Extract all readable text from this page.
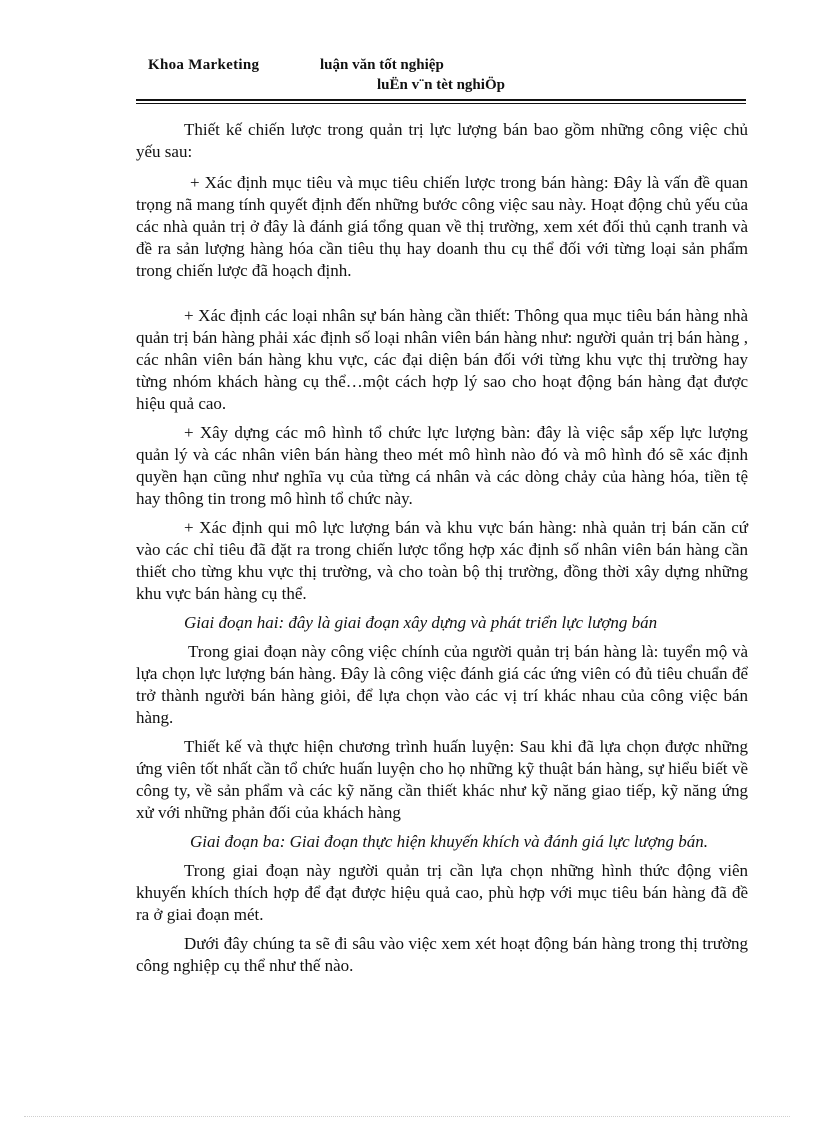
Khoa Marketing	luận văn tốt nghiệp
luËn v¨n tèt nghiÖp

Thiết kế chiến lược trong quản trị lực lượng bán bao gồm những công việc chủ yếu sau:

+ Xác định mục tiêu và mục tiêu chiến lược trong bán hàng: Đây là vấn đề quan trọng nã mang tính quyết định đến những bước công việc sau này. Hoạt động chủ yếu của các nhà quản trị ở đây là đánh giá tổng quan về thị trường, xem xét đối thủ cạnh tranh và đề ra sản lượng hàng hóa cần tiêu thụ hay doanh thu cụ thể đối với từng loại sản phẩm trong chiến lược đã hoạch định.

+ Xác định các loại nhân sự bán hàng cần thiết: Thông qua mục tiêu bán hàng nhà quản trị bán hàng phải xác định số loại nhân viên bán hàng như: người quản trị bán hàng , các nhân viên bán hàng khu vực, các đại diện bán đối với từng khu vực thị trường hay từng nhóm khách hàng cụ thể…một cách hợp lý sao cho hoạt động bán hàng đạt được hiệu quả cao.

+ Xây dựng các mô hình tổ chức lực lượng bàn: đây là việc sắp xếp lực lượng quản lý và các nhân viên bán hàng theo mét mô hình nào đó và mô hình đó sẽ xác định quyền hạn cũng như nghĩa vụ của từng cá nhân và các dòng chảy của hàng hóa, tiền tệ hay thông tin trong mô hình tổ chức này.

+ Xác định qui mô lực lượng bán và khu vực bán hàng: nhà quản trị bán căn cứ vào các chỉ tiêu đã đặt ra trong chiến lược tổng hợp xác định số nhân viên bán hàng cần thiết cho từng khu vực thị trường, và cho toàn bộ thị trường, đồng thời xây dựng những khu vực bán hàng cụ thể.

Giai đoạn hai: đây là giai đoạn xây dựng và phát triển lực lượng bán

Trong giai đoạn này công việc chính của người quản trị bán hàng là: tuyển mộ và lựa chọn lực lượng bán hàng. Đây là công việc đánh giá các ứng viên có đủ tiêu chuẩn để trở thành người bán hàng giỏi, để lựa chọn vào các vị trí khác nhau của công việc bán hàng.

Thiết kế và thực hiện chương trình huấn luyện: Sau khi đã lựa chọn được những ứng viên tốt nhất cần tổ chức huấn luyện cho họ những kỹ thuật bán hàng, sự hiểu biết về công ty, về sản phẩm và các kỹ năng cần thiết khác như kỹ năng giao tiếp, kỹ năng ứng xử với những phản đối của khách hàng

Giai đoạn ba: Giai đoạn thực hiện khuyến khích và đánh giá lực lượng bán.

Trong giai đoạn này người quản trị cần lựa chọn những hình thức động viên khuyến khích thích hợp để đạt được hiệu quả cao, phù hợp với mục tiêu bán hàng đã đề ra ở giai đoạn mét.

Dưới đây chúng ta sẽ đi sâu vào việc xem xét hoạt động bán hàng trong thị trường công nghiệp cụ thể như thế nào.
